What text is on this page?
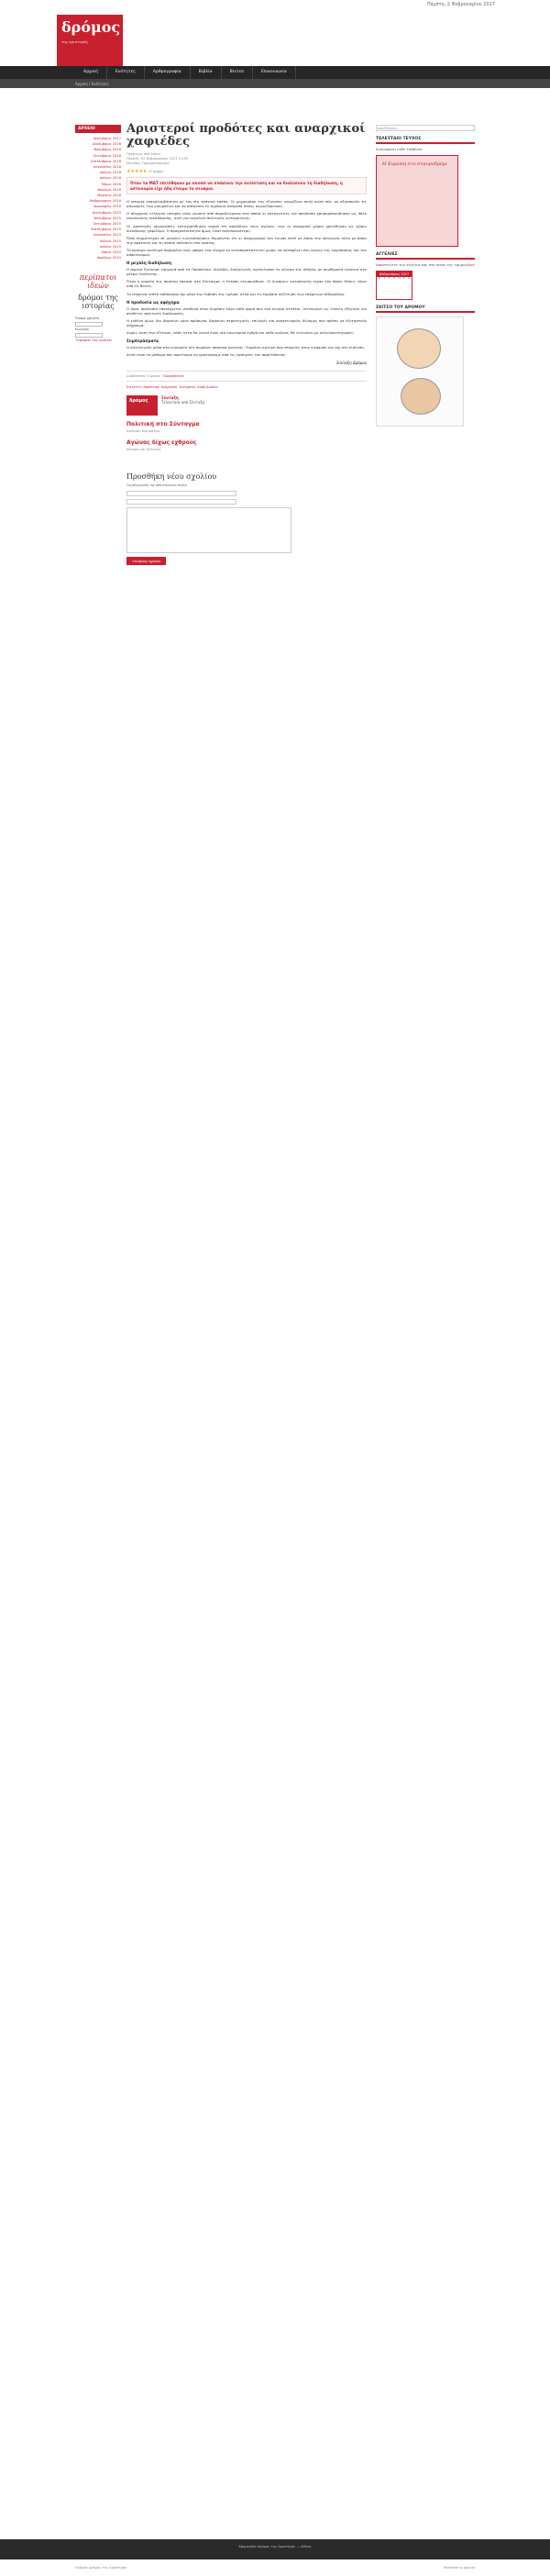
Πέμπτη, 2 Φεβρουαρίου 2017
δρόμος
της αριστεράς
Αρχική	Ενότητες	Αρθρογραφία	Βιβλία	Βίντεο	Επικοινωνία
Αρχική / Ενότητες
ΑΡΧΕΙΟ
Ιανουάριος 2017
Δεκέμβριος 2016
Νοέμβριος 2016
Οκτώβριος 2016
Σεπτέμβριος 2016
Αύγουστος 2016
Ιούλιος 2016
Ιούνιος 2016
Μάιος 2016
Απρίλιος 2016
Μάρτιος 2016
Φεβρουάριος 2016
Ιανουάριος 2016
Δεκέμβριος 2015
Νοέμβριος 2015
Οκτώβριος 2015
Σεπτέμβριος 2015
Αύγουστος 2015
Ιούλιος 2015
Ιούνιος 2015
Μάιος 2015
Απρίλιος 2015
περίπατοι ιδεών
δρόμοι της ιστορίας
Όνομα χρήστη
Κωδικός
Ξεχάσατε τον κωδικό;
Αριστεροί προδότες και αναρχικοί χαφιέδες
Γράφτηκε από Editor
Πέμπτη, 02 Φεβρουαρίου 2017 11:00
Μέγεθος Γραμματοσειράς
★★★★★ (0 ψήφοι)
Όταν τα ΜΑΤ επιτέθηκαν με σκοπό να σπάσουν την αντίσταση και να διαλύσουν τη διαδήλωση, η αστυνομία είχε ήδη έτοιμο το σενάριο.

Η ιστορία επαναλαμβάνεται με τον πιο τραγικό τρόπο. Οι μηχανισμοί της εξουσίας γνωρίζουν πολύ καλά πώς να αξιοποιούν τις αδυναμίες των κινημάτων και να σπέρνουν τη διχόνοια ανάμεσα στους αγωνιζόμενους.

Η σύγχρονη ελληνική ιστορία είναι γεμάτη από παραδείγματα στα οποία οι καταγγελίες για προδοσία χρησιμοποιήθηκαν ως όπλο εσωτερικής εκκαθάρισης, αντί για εργαλείο πολιτικής αυτοκριτικής.

Οι αριστερές οργανώσεις κατηγορήθηκαν συχνά ότι προδίδουν τους αγώνες, ενώ οι αναρχικοί χώροι χρεώθηκαν ως χώροι διείσδυσης χαφιέδων. Η πραγματικότητα όμως είναι πολυπλοκότερη.

Όσοι συμμετείχαν σε μεγάλες κινητοποιήσεις θυμούνται ότι οι διαχωρισμοί δεν έγιναν ποτέ με βάση την ιδεολογία αλλά με βάση την πρακτική και τη στάση απέναντι στο κράτος.

Το κρίσιμο ερώτημα παραμένει πώς μπορεί ένα κίνημα να αυτοπροστατευτεί χωρίς να καταφύγει στη λογική της καχυποψίας και του αποκλεισμού.

Η μεγάλη διαδήλωση

Η πορεία ξεκίνησε ειρηνικά από τα Προπύλαια. Χιλιάδες διαδηλωτές κατέκλυσαν το κέντρο της Αθήνας με συνθήματα ενάντια στα μέτρα λιτότητας.

Όταν η κεφαλή της πορείας έφτασε στο Σύνταγμα, η ένταση κλιμακώθηκε. Οι δυνάμεις καταστολής είχαν ήδη πάρει θέσεις γύρω από τη Βουλή.

Τα επόμενα λεπτά καθόρισαν όχι μόνο την έκβαση της ημέρας αλλά και τη δημόσια συζήτηση των επόμενων εβδομάδων.

Η προδοσία ως αφήγημα

Ο όρος προδοσία επανέρχεται σταθερά στον δημόσιο λόγο κάθε φορά που ένα κίνημα ηττάται. Λειτουργεί ως εύκολη εξήγηση για σύνθετες πολιτικές διαδικασίες.

Η ευθύνη όμως δεν βαραίνει μόνο πρόσωπα. Βαραίνει στρατηγικές, επιλογές και συσχετισμούς δύναμης που πρέπει να εξεταστούν ψύχραιμα.

Χωρίς αυτή την εξέταση, κάθε ήττα θα γεννά έναν νέο εσωτερικό εχθρό και κάθε αγώνας θα τελειώνει με αλληλοκατηγορίες.

Συμπεράσματα

Η αλληλεγγύη μέσα στα κινήματα δεν σημαίνει απουσία κριτικής. Σημαίνει κριτική που στοχεύει στην ενίσχυση και όχι στη διάλυση.

Αυτό είναι το μάθημα που οφείλουμε να κρατήσουμε από τις εμπειρίες του παρελθόντος.

Σύνταξη Δρόμου
Διαβάστηκε 0 φορές · Κοινοποίηση
Ετικέτες: Αριστερά, Αναρχικοί, Κινήματα, Διαδηλώσεις
δρόμος
Σύνταξη
Τελευταία από Σύνταξη
Πολιτική στο Σύνταγμα
Ανάλυση Κινημάτων
Αγώνας δίχως εχθρούς
Ιστορία και Πολιτική
Προσθήκη νέου σχολίου
Συμπληρώστε τα απαιτούμενα πεδία
Υποβολή σχολίου
αναζήτηση...
ΤΕΛΕΥΤΑΙΟ ΤΕΥΧΟΣ
Κυκλοφορεί κάθε Σάββατο
Η Ευρώπη στο σταυροδρόμι
ΑΓΓΕΛΙΕΣ
Αποστείλετε την αγγελία σας στο email της εφημερίδας
Φεβρουάριος 2017
Δ	Τ	Τ	Π	Π	Σ	Κ
ΣΚΙΤΣΟ ΤΟΥ ΔΡΟΜΟΥ
Εφημερίδα Δρόμος της Αριστεράς — Αθήνα
Έκδοση Δρόμος της Αριστεράς	Powered by Joomla
